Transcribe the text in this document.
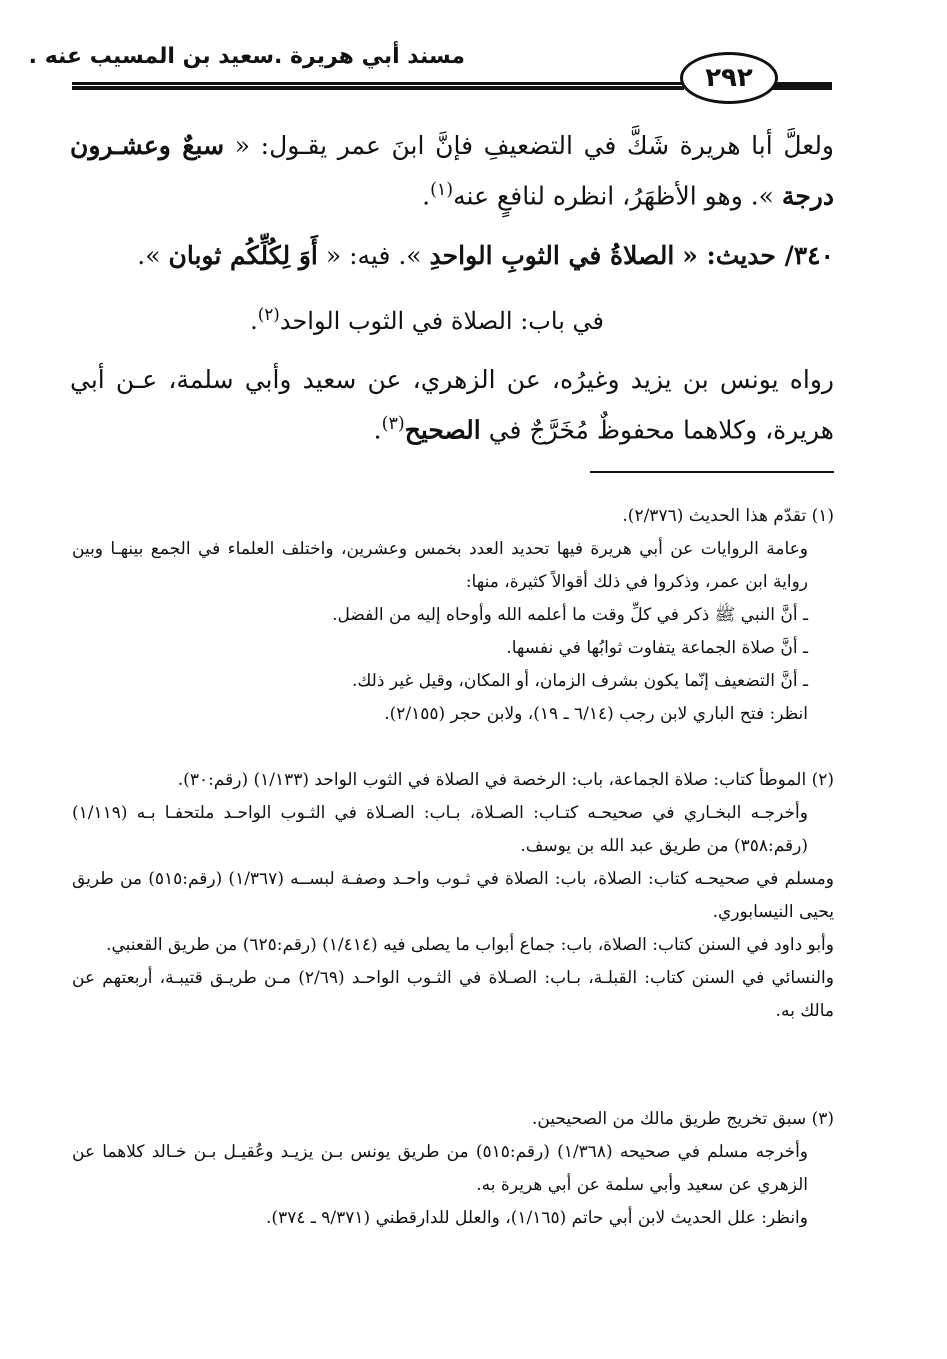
مسند أبي هريرة .سعيد بن المسيب عنه .
٢٩٢
ولعلَّ أبا هريرة شَكَّ في التضعيفِ فإنَّ ابنَ عمر يقـول: « سبعٌ وعشـرون درجة ». وهو الأظهَرُ، انظره لنافعٍ عنه$^{(١)}$.
٣٤٠/ حديث: « الصلاةُ في الثوبِ الواحدِ ». فيه: « أَوَ لِكُلِّكُم ثوبان ».
في باب: الصلاة في الثوب الواحد$^{(٢)}$.
رواه يونس بن يزيد وغيرُه، عن الزهري، عن سعيد وأبي سلمة، عـن أبي هريرة، وكلاهما محفوظٌ مُخَرَّجٌ في الصحيح$^{(٣)}$.
(١) تقدّم هذا الحديث (٢/٣٧٦).
وعامة الروايات عن أبي هريرة فيها تحديد العدد بخمس وعشرين، واختلف العلماء في الجمع بينهـا وبين رواية ابن عمر، وذكروا في ذلك أقوالاً كثيرة، منها:
ـ أنَّ النبي ﷺ ذكر في كلِّ وقت ما أعلمه الله وأوحاه إليه من الفضل.
ـ أنَّ صلاة الجماعة يتفاوت ثوابُها في نفسها.
ـ أنَّ التضعيف إنّما يكون بشرف الزمان، أو المكان، وقيل غير ذلك.
انظر: فتح الباري لابن رجب (٦/١٤ ـ ١٩)، ولابن حجر (٢/١٥٥).
(٢) الموطأ كتاب: صلاة الجماعة، باب: الرخصة في الصلاة في الثوب الواحد (١/١٣٣) (رقم:٣٠).
وأخرجـه البخـاري في صحيحـه كتـاب: الصـلاة، بـاب: الصـلاة في الثـوب الواحـد ملتحفـا بـه (١/١١٩) (رقم:٣٥٨) من طريق عبد الله بن يوسف.
ومسلم في صحيحـه كتاب: الصلاة، باب: الصلاة في ثـوب واحـد وصفـة لبســه (١/٣٦٧) (رقم:٥١٥) من طريق يحيى النيسابوري.
وأبو داود في السنن كتاب: الصلاة، باب: جماع أبواب ما يصلى فيه (١/٤١٤) (رقم:٦٢٥) من طريق القعنبي.
والنسائي في السنن كتاب: القبلـة، بـاب: الصـلاة في الثـوب الواحـد (٢/٦٩) مـن طريـق قتيبـة، أربعتهم عن مالك به.
(٣) سبق تخريج طريق مالك من الصحيحين.
وأخرجه مسلم في صحيحه (١/٣٦٨) (رقم:٥١٥) من طريق يونس بـن يزيـد وعُقيـل بـن خـالد كلاهما عن الزهري عن سعيد وأبي سلمة عن أبي هريرة به.
وانظر: علل الحديث لابن أبي حاتم (١/١٦٥)، والعلل للدارقطني (٩/٣٧١ ـ ٣٧٤).
